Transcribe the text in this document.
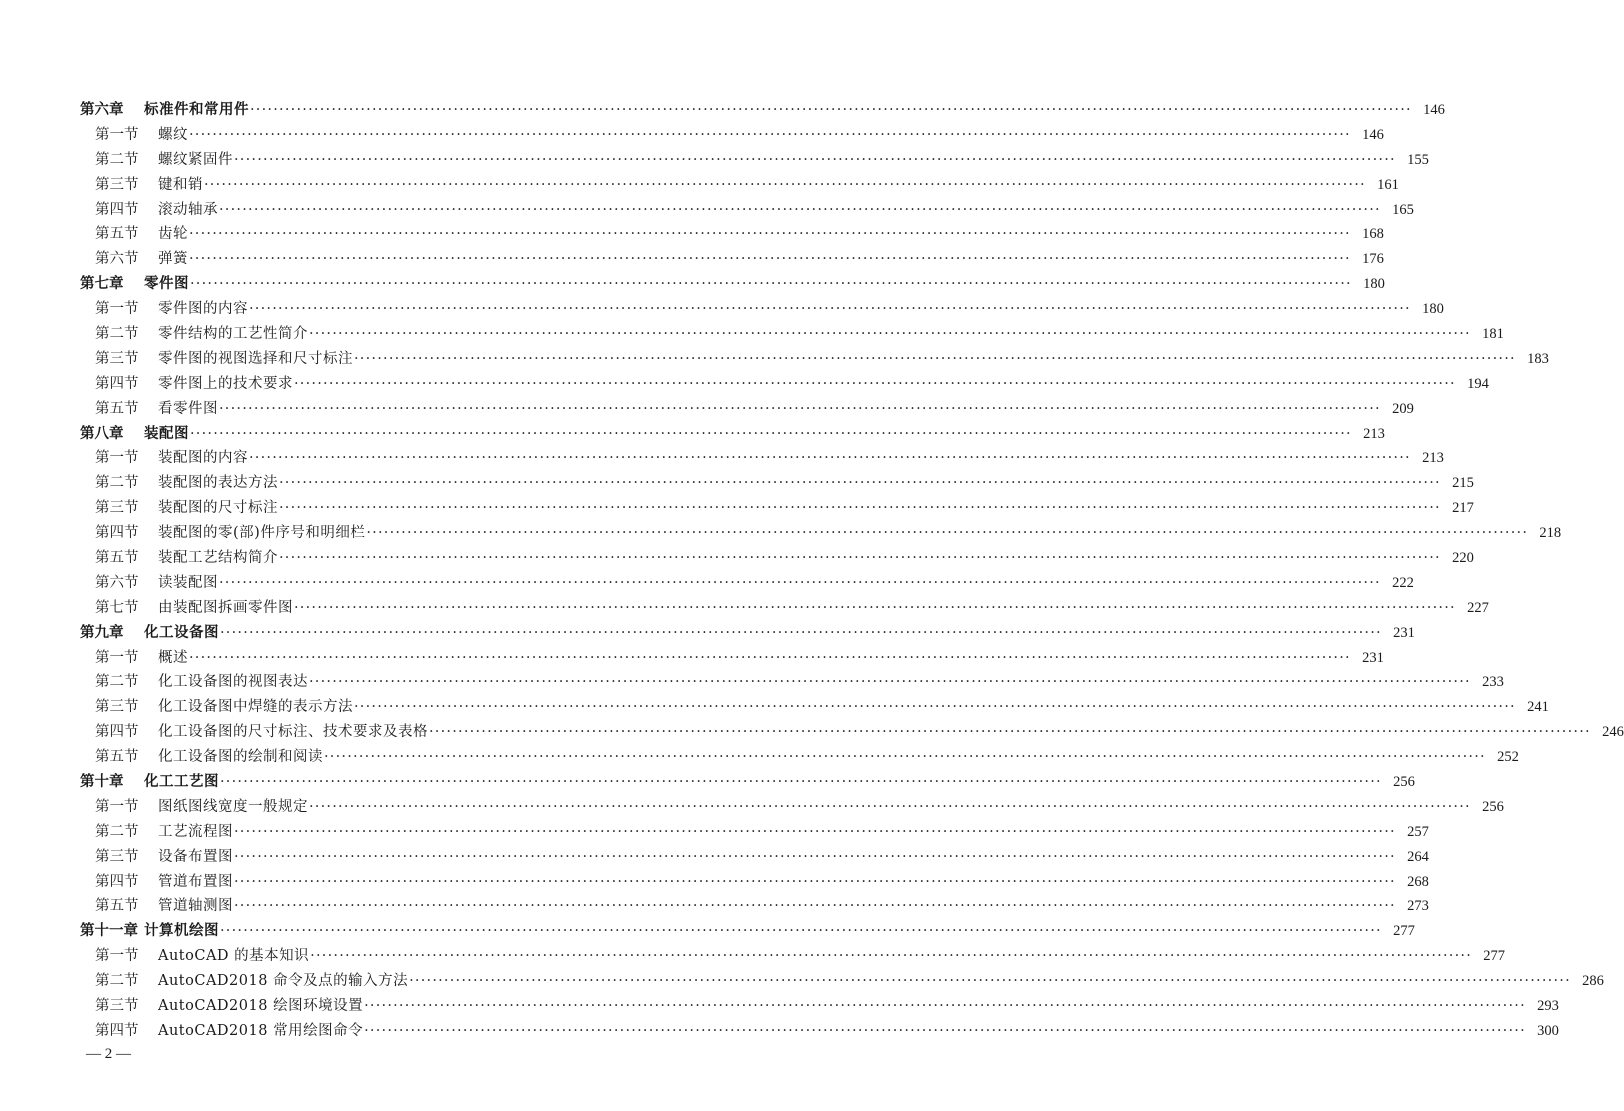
第六章	标准件和常用件 ········································································································································································································ 146
第一节	螺纹 ········································································································································································································ 146
第二节	螺纹紧固件 ········································································································································································································ 155
第三节	键和销 ········································································································································································································ 161
第四节	滚动轴承 ········································································································································································································ 165
第五节	齿轮 ········································································································································································································ 168
第六节	弹簧 ········································································································································································································ 176
第七章	零件图 ········································································································································································································ 180
第一节	零件图的内容 ········································································································································································································ 180
第二节	零件结构的工艺性简介 ········································································································································································································ 181
第三节	零件图的视图选择和尺寸标注 ········································································································································································································ 183
第四节	零件图上的技术要求 ········································································································································································································ 194
第五节	看零件图 ········································································································································································································ 209
第八章	装配图 ········································································································································································································ 213
第一节	装配图的内容 ········································································································································································································ 213
第二节	装配图的表达方法 ········································································································································································································ 215
第三节	装配图的尺寸标注 ········································································································································································································ 217
第四节	装配图的零(部)件序号和明细栏 ········································································································································································································ 218
第五节	装配工艺结构简介 ········································································································································································································ 220
第六节	读装配图 ········································································································································································································ 222
第七节	由装配图拆画零件图 ········································································································································································································ 227
第九章	化工设备图 ········································································································································································································ 231
第一节	概述 ········································································································································································································ 231
第二节	化工设备图的视图表达 ········································································································································································································ 233
第三节	化工设备图中焊缝的表示方法 ········································································································································································································ 241
第四节	化工设备图的尺寸标注、技术要求及表格 ········································································································································································································ 246
第五节	化工设备图的绘制和阅读 ········································································································································································································ 252
第十章	化工工艺图 ········································································································································································································ 256
第一节	图纸图线宽度一般规定 ········································································································································································································ 256
第二节	工艺流程图 ········································································································································································································ 257
第三节	设备布置图 ········································································································································································································ 264
第四节	管道布置图 ········································································································································································································ 268
第五节	管道轴测图 ········································································································································································································ 273
第十一章 计算机绘图 ········································································································································································································ 277
第一节	AutoCAD 的基本知识 ········································································································································································································ 277
第二节	AutoCAD2018 命令及点的输入方法 ········································································································································································································ 286
第三节	AutoCAD2018 绘图环境设置 ········································································································································································································ 293
第四节	AutoCAD2018 常用绘图命令 ········································································································································································································ 300
— 2 —
